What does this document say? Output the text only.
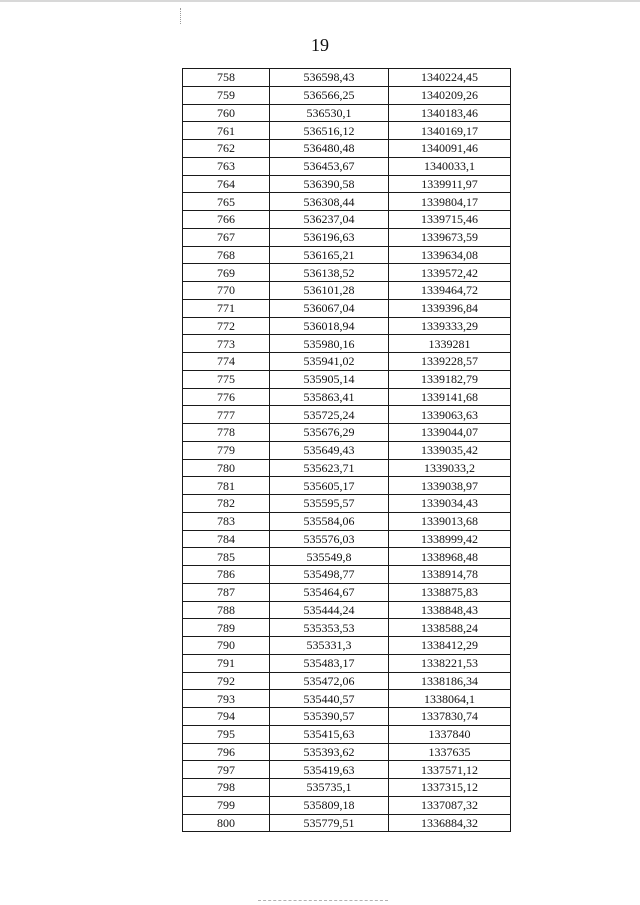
19
758	536598,43	1340224,45
759	536566,25	1340209,26
760	536530,1	1340183,46
761	536516,12	1340169,17
762	536480,48	1340091,46
763	536453,67	1340033,1
764	536390,58	1339911,97
765	536308,44	1339804,17
766	536237,04	1339715,46
767	536196,63	1339673,59
768	536165,21	1339634,08
769	536138,52	1339572,42
770	536101,28	1339464,72
771	536067,04	1339396,84
772	536018,94	1339333,29
773	535980,16	1339281
774	535941,02	1339228,57
775	535905,14	1339182,79
776	535863,41	1339141,68
777	535725,24	1339063,63
778	535676,29	1339044,07
779	535649,43	1339035,42
780	535623,71	1339033,2
781	535605,17	1339038,97
782	535595,57	1339034,43
783	535584,06	1339013,68
784	535576,03	1338999,42
785	535549,8	1338968,48
786	535498,77	1338914,78
787	535464,67	1338875,83
788	535444,24	1338848,43
789	535353,53	1338588,24
790	535331,3	1338412,29
791	535483,17	1338221,53
792	535472,06	1338186,34
793	535440,57	1338064,1
794	535390,57	1337830,74
795	535415,63	1337840
796	535393,62	1337635
797	535419,63	1337571,12
798	535735,1	1337315,12
799	535809,18	1337087,32
800	535779,51	1336884,32
